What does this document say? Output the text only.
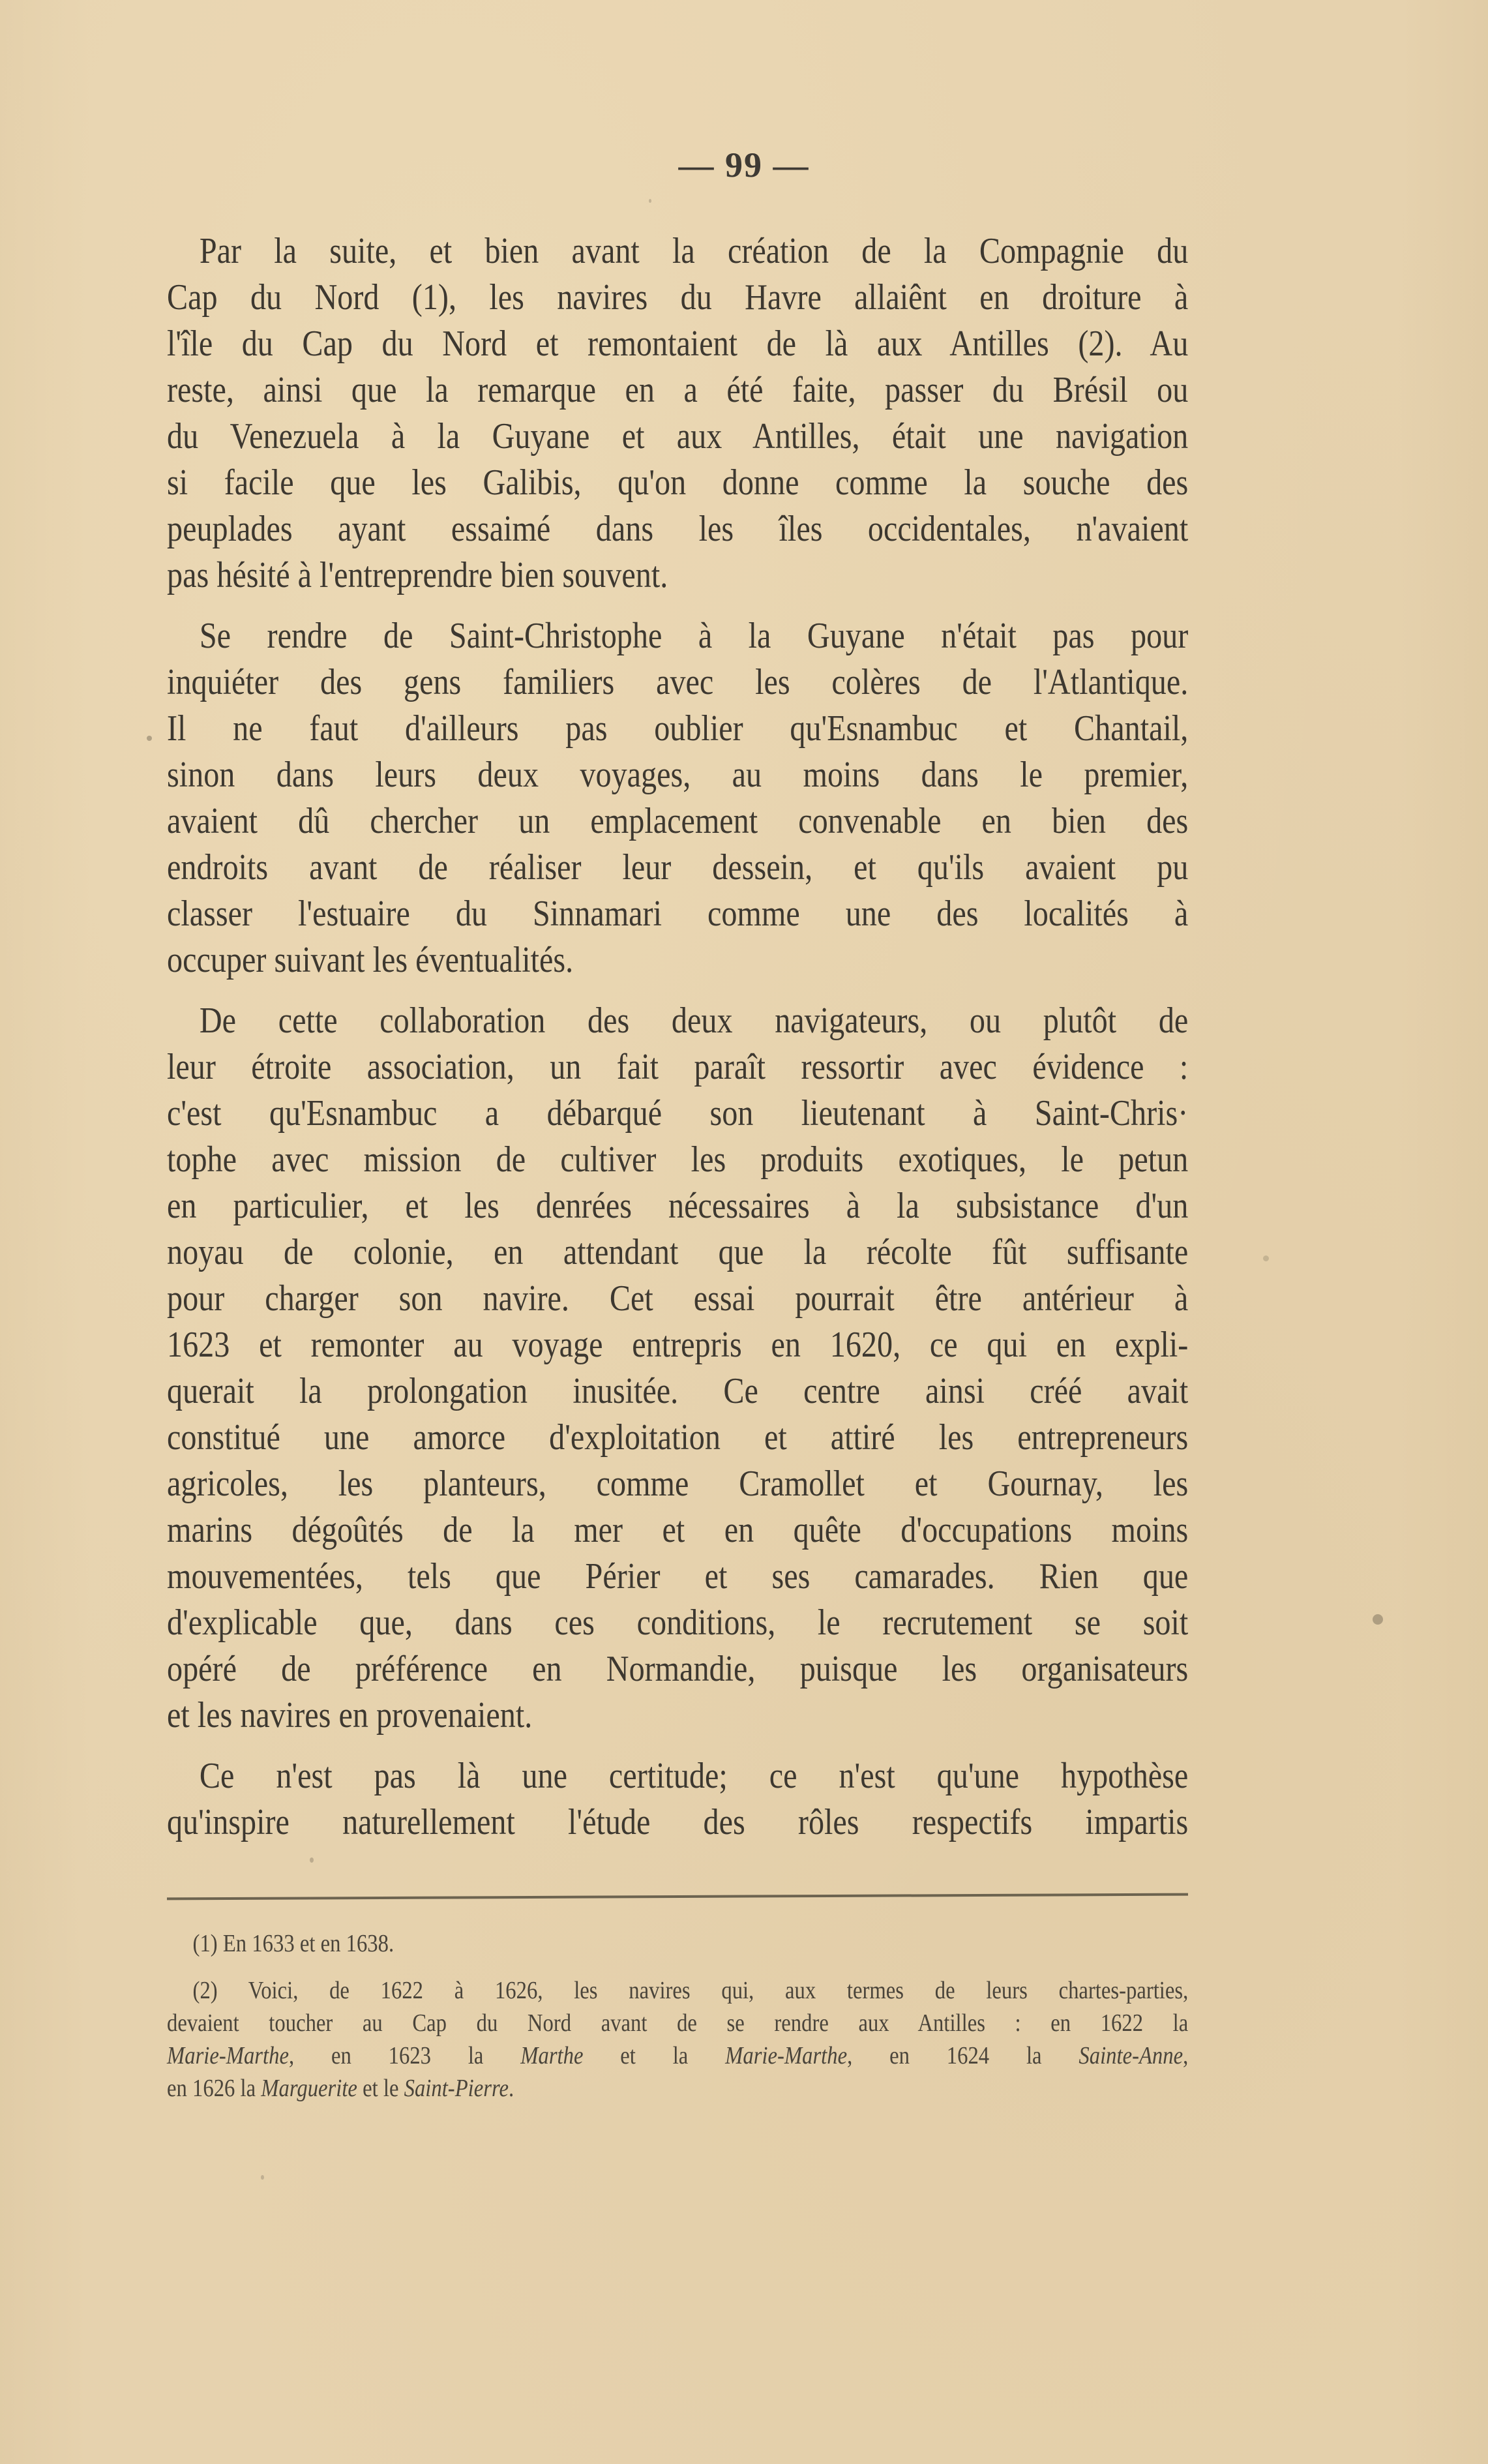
— 99 —
Par la suite, et bien avant la création de la Compagnie du
Cap du Nord (1), les navires du Havre allaiênt en droiture à
l'île du Cap du Nord et remontaient de là aux Antilles (2). Au
reste, ainsi que la remarque en a été faite, passer du Brésil ou
du Venezuela à la Guyane et aux Antilles, était une navigation
si facile que les Galibis, qu'on donne comme la souche des
peuplades ayant essaimé dans les îles occidentales, n'avaient
pas hésité à l'entreprendre bien souvent.
Se rendre de Saint-Christophe à la Guyane n'était pas pour
inquiéter des gens familiers avec les colères de l'Atlantique.
Il ne faut d'ailleurs pas oublier qu'Esnambuc et Chantail,
sinon dans leurs deux voyages, au moins dans le premier,
avaient dû chercher un emplacement convenable en bien des
endroits avant de réaliser leur dessein, et qu'ils avaient pu
classer l'estuaire du Sinnamari comme une des localités à
occuper suivant les éventualités.
De cette collaboration des deux navigateurs, ou plutôt de
leur étroite association, un fait paraît ressortir avec évidence :
c'est qu'Esnambuc a débarqué son lieutenant à Saint-Chris·
tophe avec mission de cultiver les produits exotiques, le petun
en particulier, et les denrées nécessaires à la subsistance d'un
noyau de colonie, en attendant que la récolte fût suffisante
pour charger son navire. Cet essai pourrait être antérieur à
1623 et remonter au voyage entrepris en 1620, ce qui en expli-
querait la prolongation inusitée. Ce centre ainsi créé avait
constitué une amorce d'exploitation et attiré les entrepreneurs
agricoles, les planteurs, comme Cramollet et Gournay, les
marins dégoûtés de la mer et en quête d'occupations moins
mouvementées, tels que Périer et ses camarades. Rien que
d'explicable que, dans ces conditions, le recrutement se soit
opéré de préférence en Normandie, puisque les organisateurs
et les navires en provenaient.
Ce n'est pas là une certitude; ce n'est qu'une hypothèse
qu'inspire naturellement l'étude des rôles respectifs impartis
(1) En 1633 et en 1638.
(2) Voici, de 1622 à 1626, les navires qui, aux termes de leurs chartes-parties,
devaient toucher au Cap du Nord avant de se rendre aux Antilles : en 1622 la
Marie-Marthe, en 1623 la Marthe et la Marie-Marthe, en 1624 la Sainte-Anne,
en 1626 la Marguerite et le Saint-Pierre.
